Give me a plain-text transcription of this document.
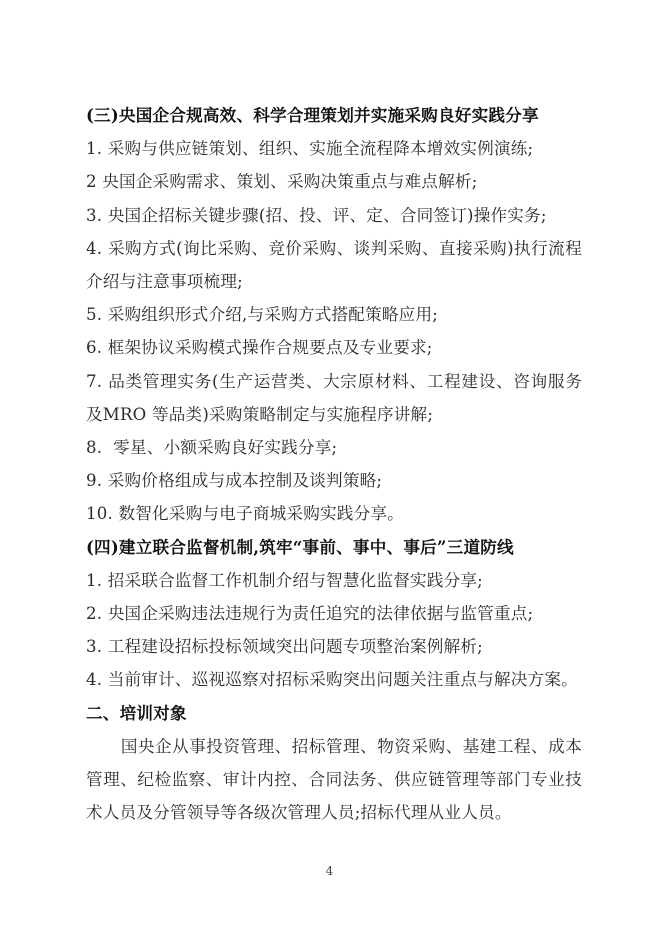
(三)央国企合规高效、科学合理策划并实施采购良好实践分享

1. 采购与供应链策划、组织、实施全流程降本增效实例演练;

2 央国企采购需求、策划、采购决策重点与难点解析;

3. 央国企招标关键步骤(招、投、评、定、合同签订)操作实务;

4. 采购方式(询比采购、竞价采购、谈判采购、直接采购)执行流程介绍与注意事项梳理;

5. 采购组织形式介绍,与采购方式搭配策略应用;

6. 框架协议采购模式操作合规要点及专业要求;

7. 品类管理实务(生产运营类、大宗原材料、工程建设、咨询服务及MRO 等品类)采购策略制定与实施程序讲解;

8.  零星、小额采购良好实践分享;

9. 采购价格组成与成本控制及谈判策略;

10. 数智化采购与电子商城采购实践分享。

(四)建立联合监督机制,筑牢“事前、事中、事后”三道防线

1. 招采联合监督工作机制介绍与智慧化监督实践分享;

2. 央国企采购违法违规行为责任追究的法律依据与监管重点;

3. 工程建设招标投标领域突出问题专项整治案例解析;

4. 当前审计、巡视巡察对招标采购突出问题关注重点与解决方案。

二、培训对象

国央企从事投资管理、招标管理、物资采购、基建工程、成本管理、纪检监察、审计内控、合同法务、供应链管理等部门专业技术人员及分管领导等各级次管理人员;招标代理从业人员。

4
